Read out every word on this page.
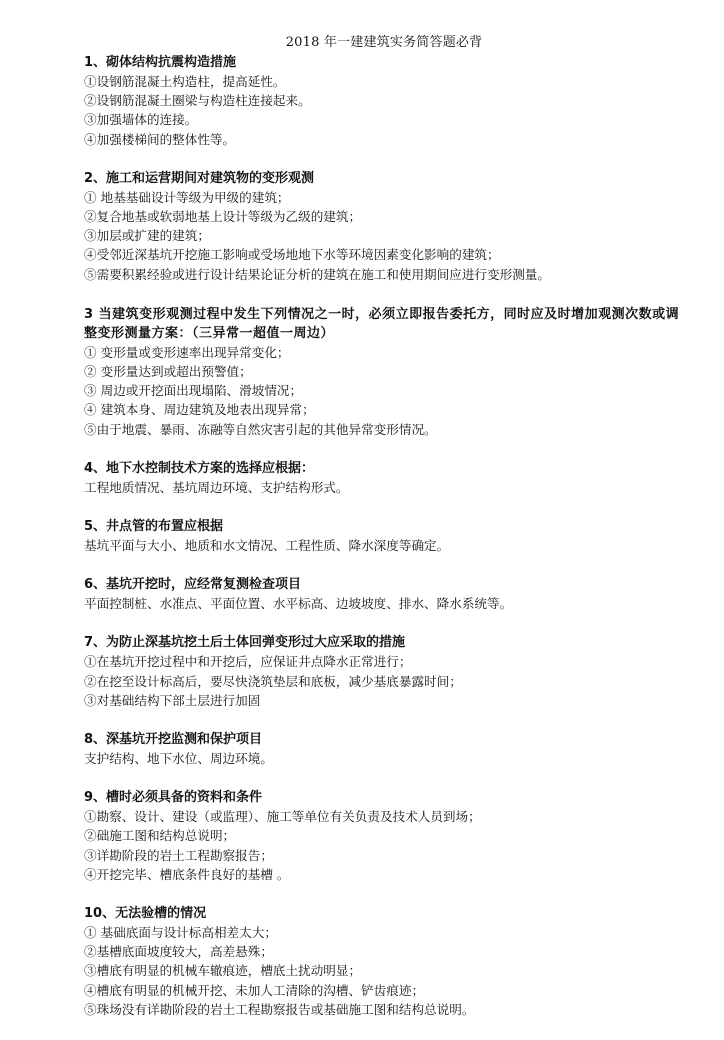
2018 年一建建筑实务简答题必背
1、砌体结构抗震构造措施
①设钢筋混凝土构造柱，提高延性。
②设钢筋混凝土圈梁与构造柱连接起来。
③加强墙体的连接。
④加强楼梯间的整体性等。
2、施工和运营期间对建筑物的变形观测
① 地基基础设计等级为甲级的建筑；
②复合地基或软弱地基上设计等级为乙级的建筑；
③加层或扩建的建筑；
④受邻近深基坑开挖施工影响或受场地地下水等环境因素变化影响的建筑；
⑤需要积累经验或进行设计结果论证分析的建筑在施工和使用期间应进行变形测量。
3 当建筑变形观测过程中发生下列情况之一时，必须立即报告委托方，同时应及时增加观测次数或调整变形测量方案：（三异常一超值一周边）
① 变形量或变形速率出现异常变化；
② 变形量达到或超出预警值；
③ 周边或开挖面出现塌陷、滑坡情况；
④ 建筑本身、周边建筑及地表出现异常；
⑤由于地震、暴雨、冻融等自然灾害引起的其他异常变形情况。
4、地下水控制技术方案的选择应根据：
工程地质情况、基坑周边环境、支护结构形式。
5、井点管的布置应根据
基坑平面与大小、地质和水文情况、工程性质、降水深度等确定。
6、基坑开挖时，应经常复测检查项目
平面控制桩、水准点、平面位置、水平标高、边坡坡度、排水、降水系统等。
7、为防止深基坑挖土后土体回弹变形过大应采取的措施
①在基坑开挖过程中和开挖后，应保证井点降水正常进行；
②在挖至设计标高后，要尽快浇筑垫层和底板，减少基底暴露时间；
③对基础结构下部土层进行加固
8、深基坑开挖监测和保护项目
支护结构、地下水位、周边环境。
9、槽时必须具备的资料和条件
①勘察、设计、建设（或监理）、施工等单位有关负责及技术人员到场；
②础施工图和结构总说明；
③详勘阶段的岩土工程勘察报告；
④开挖完毕、槽底条件良好的基槽 。
10、无法验槽的情况
① 基础底面与设计标高相差太大；
②基槽底面坡度较大，高差悬殊；
③槽底有明显的机械车辙痕迹，槽底土扰动明显；
④槽底有明显的机械开挖、未加人工清除的沟槽、铲齿痕迹；
⑤珠场没有详勘阶段的岩土工程勘察报告或基础施工图和结构总说明。
